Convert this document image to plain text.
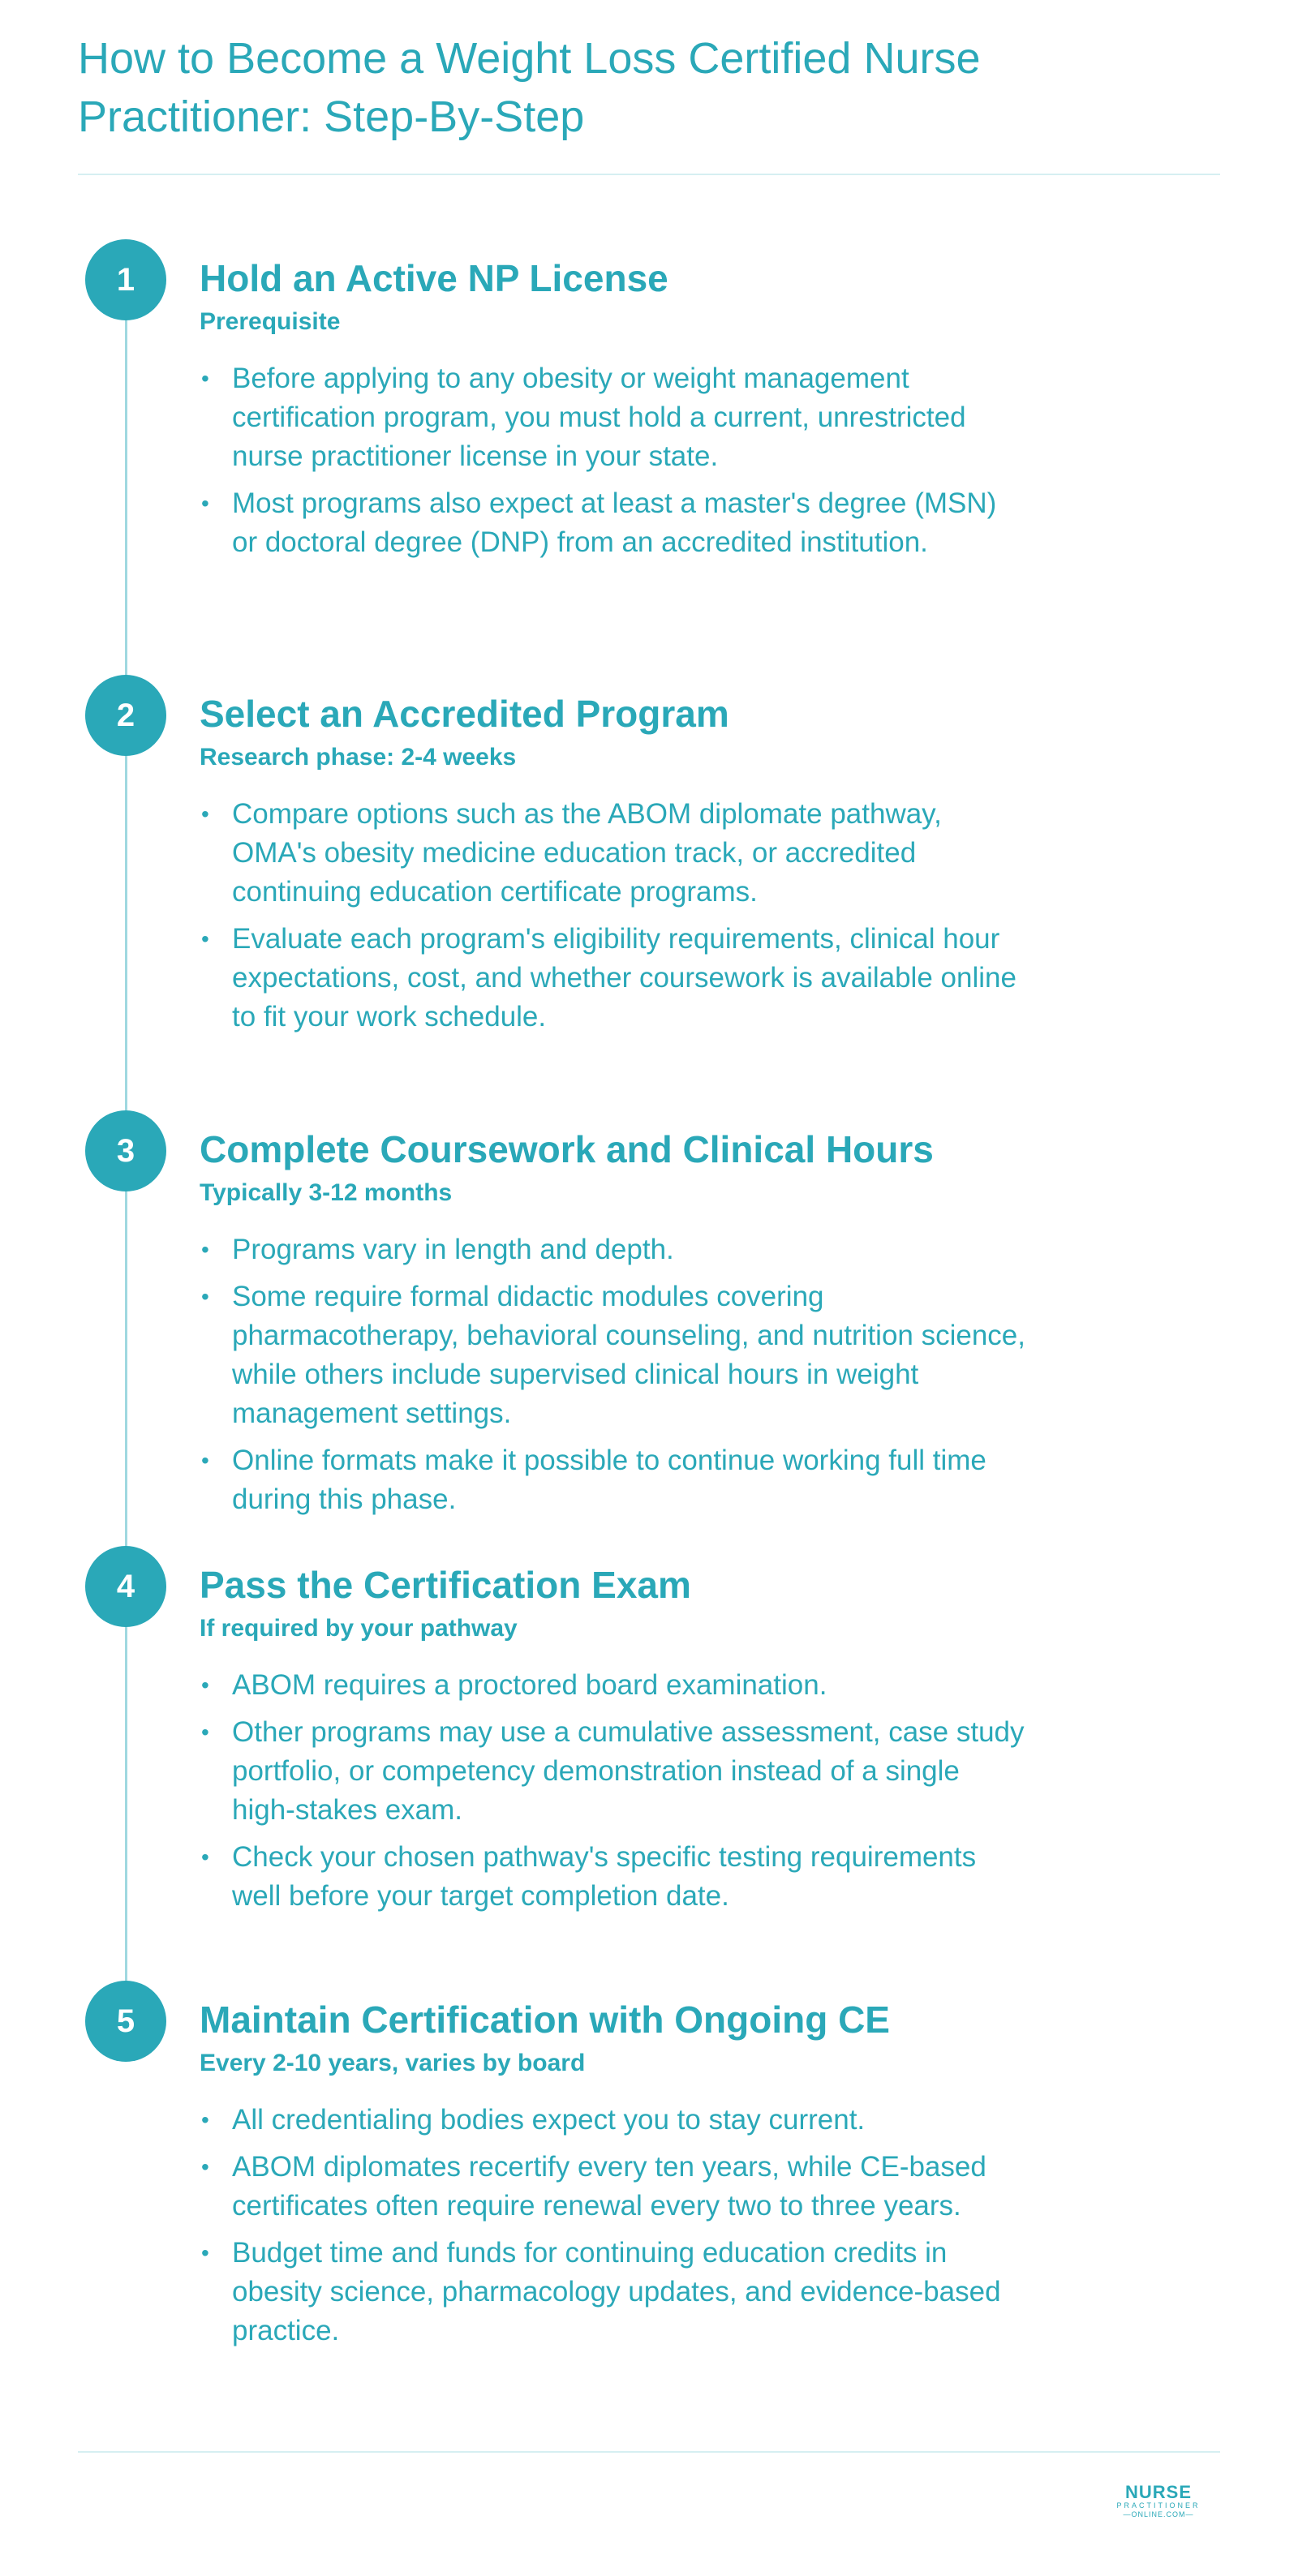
How to Become a Weight Loss Certified Nurse Practitioner: Step-By-Step
1	Hold an Active NP License

Prerequisite

• Before applying to any obesity or weight management certification program, you must hold a current, unrestricted nurse practitioner license in your state.
• Most programs also expect at least a master's degree (MSN) or doctoral degree (DNP) from an accredited institution.
2	Select an Accredited Program

Research phase: 2-4 weeks

• Compare options such as the ABOM diplomate pathway, OMA's obesity medicine education track, or accredited continuing education certificate programs.
• Evaluate each program's eligibility requirements, clinical hour expectations, cost, and whether coursework is available online to fit your work schedule.
3	Complete Coursework and Clinical Hours

Typically 3-12 months

• Programs vary in length and depth.
• Some require formal didactic modules covering pharmacotherapy, behavioral counseling, and nutrition science, while others include supervised clinical hours in weight management settings.
• Online formats make it possible to continue working full time during this phase.
4	Pass the Certification Exam

If required by your pathway

• ABOM requires a proctored board examination.
• Other programs may use a cumulative assessment, case study portfolio, or competency demonstration instead of a single high-stakes exam.
• Check your chosen pathway's specific testing requirements well before your target completion date.
5	Maintain Certification with Ongoing CE

Every 2-10 years, varies by board

• All credentialing bodies expect you to stay current.
• ABOM diplomates recertify every ten years, while CE-based certificates often require renewal every two to three years.
• Budget time and funds for continuing education credits in obesity science, pharmacology updates, and evidence-based practice.
NURSE
PRACTITIONER
—ONLINE.COM—
